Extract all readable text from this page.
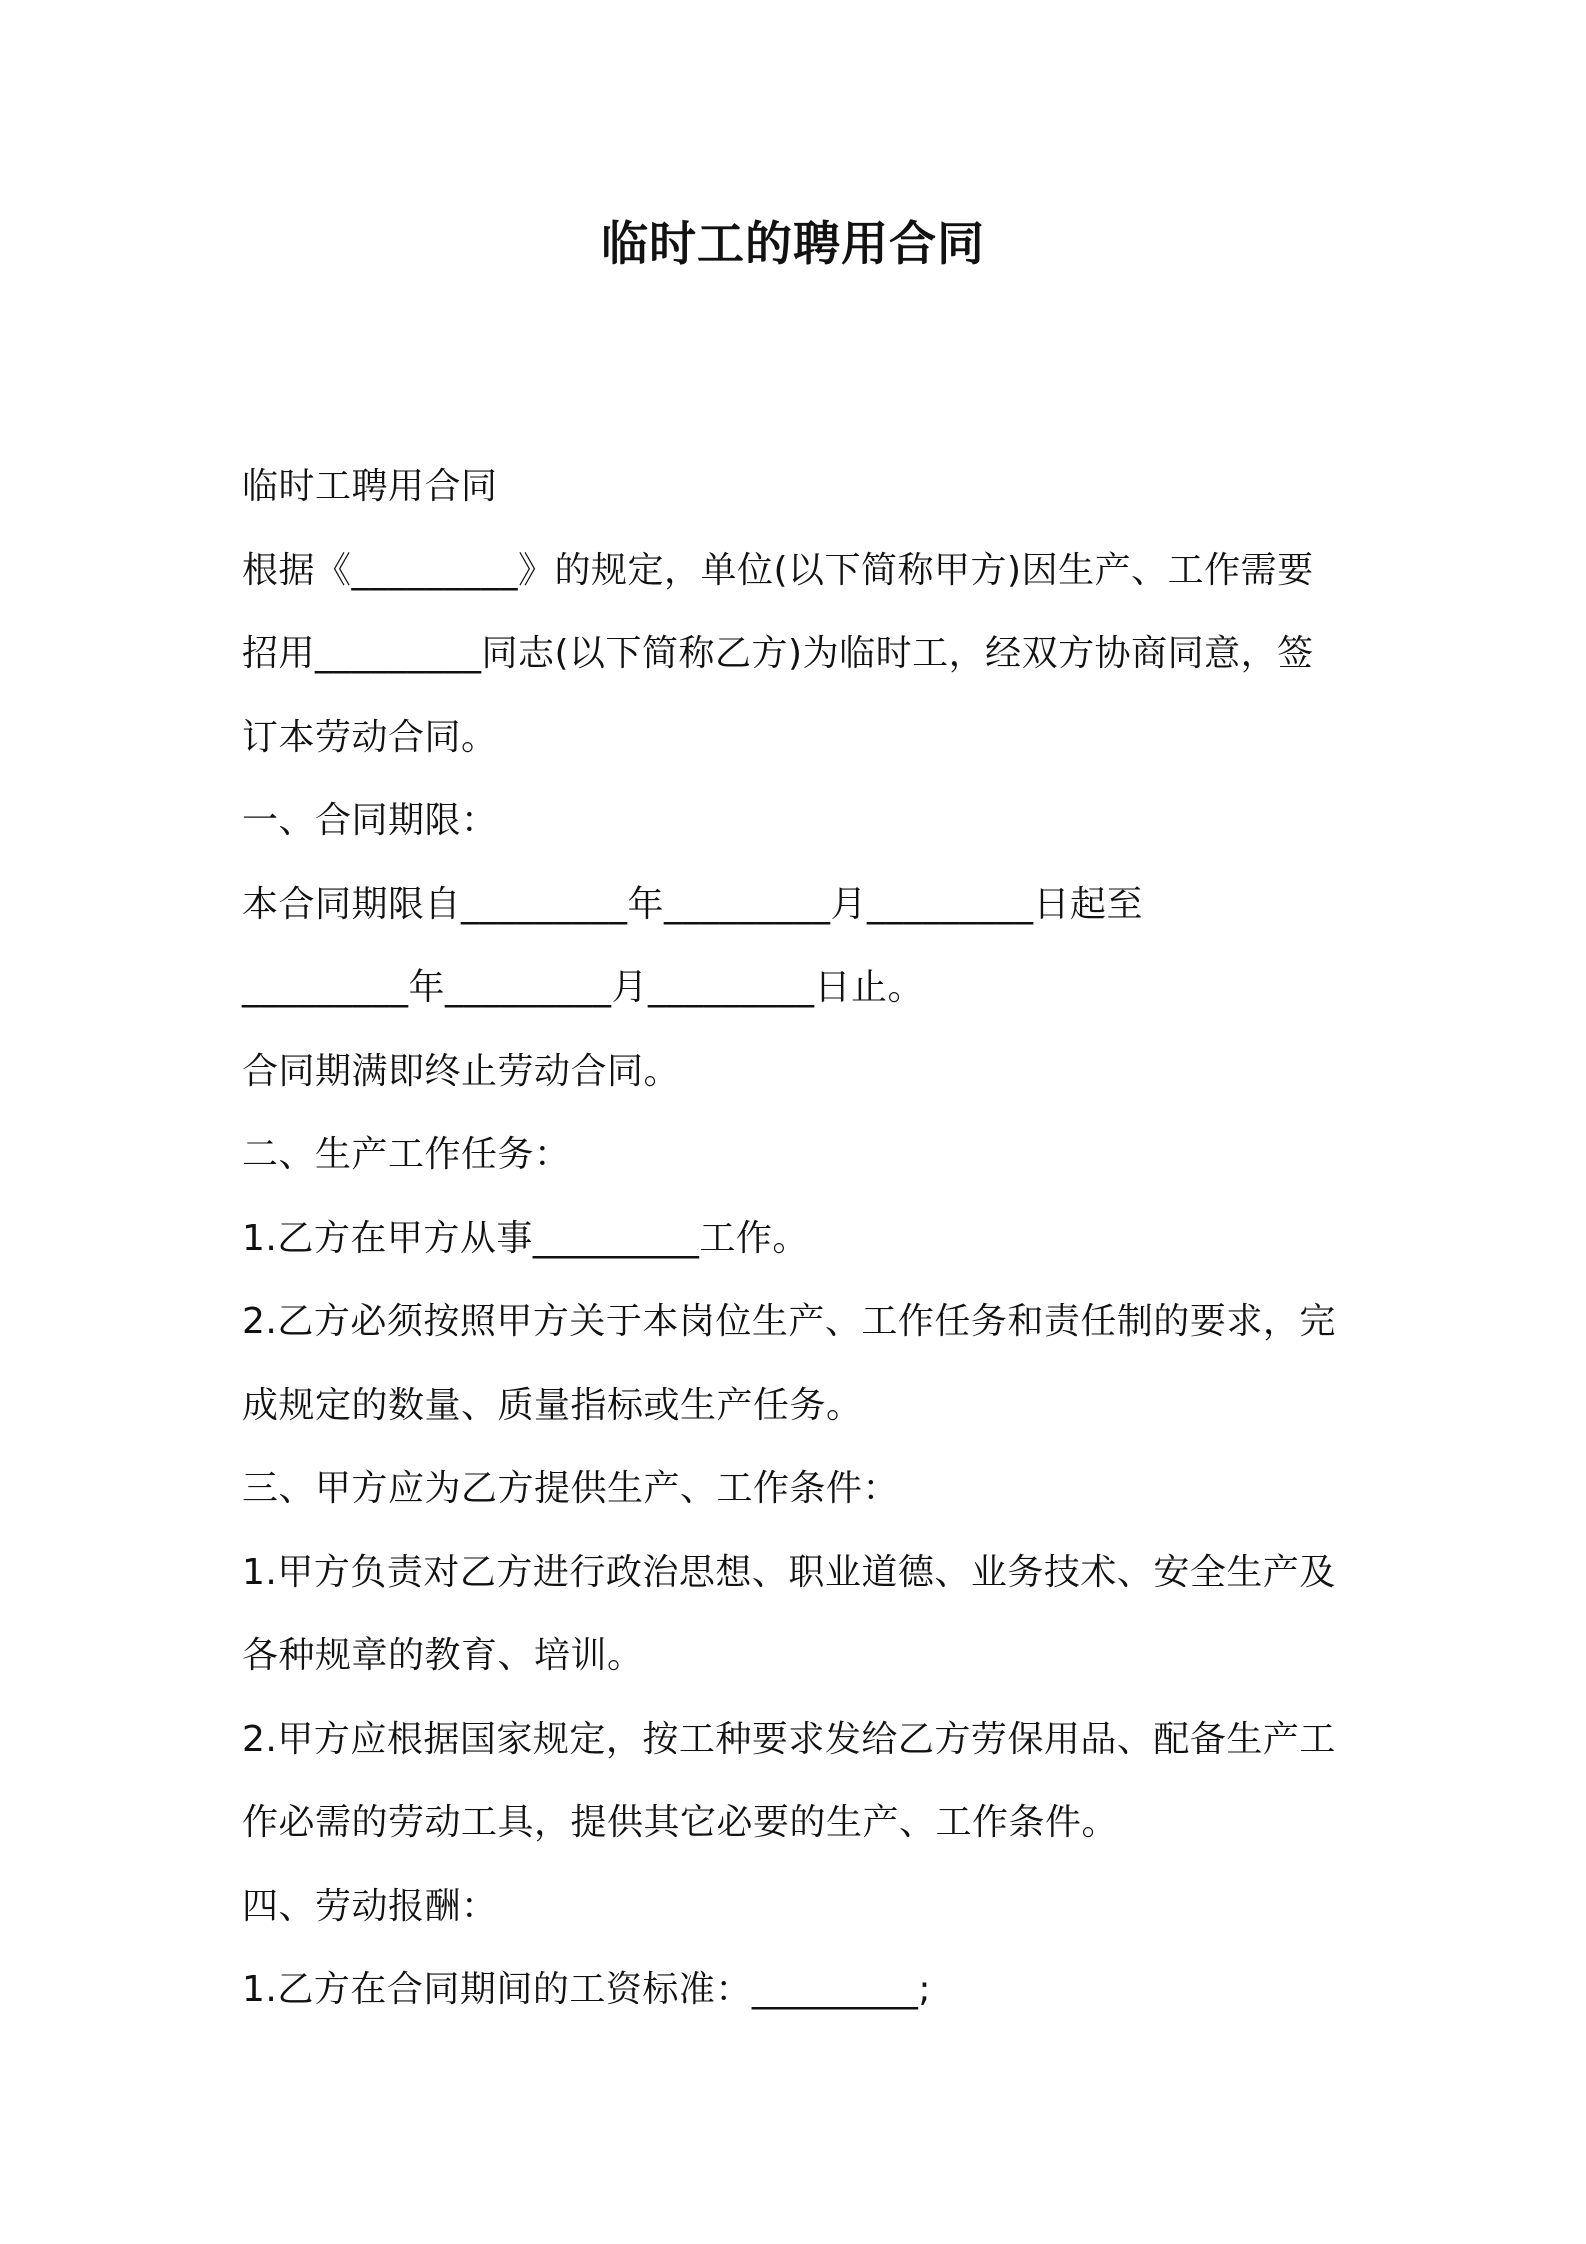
临时工的聘用合同
临时工聘用合同
根据《_________》的规定，单位(以下简称甲方)因生产、工作需要
招用_________同志(以下简称乙方)为临时工，经双方协商同意，签
订本劳动合同。
一、合同期限：
本合同期限自_________年_________月_________日起至
_________年_________月_________日止。
合同期满即终止劳动合同。
二、生产工作任务：
1.乙方在甲方从事_________工作。
2.乙方必须按照甲方关于本岗位生产、工作任务和责任制的要求，完
成规定的数量、质量指标或生产任务。
三、甲方应为乙方提供生产、工作条件：
1.甲方负责对乙方进行政治思想、职业道德、业务技术、安全生产及
各种规章的教育、培训。
2.甲方应根据国家规定，按工种要求发给乙方劳保用品、配备生产工
作必需的劳动工具，提供其它必要的生产、工作条件。
四、劳动报酬：
1.乙方在合同期间的工资标准：_________;
